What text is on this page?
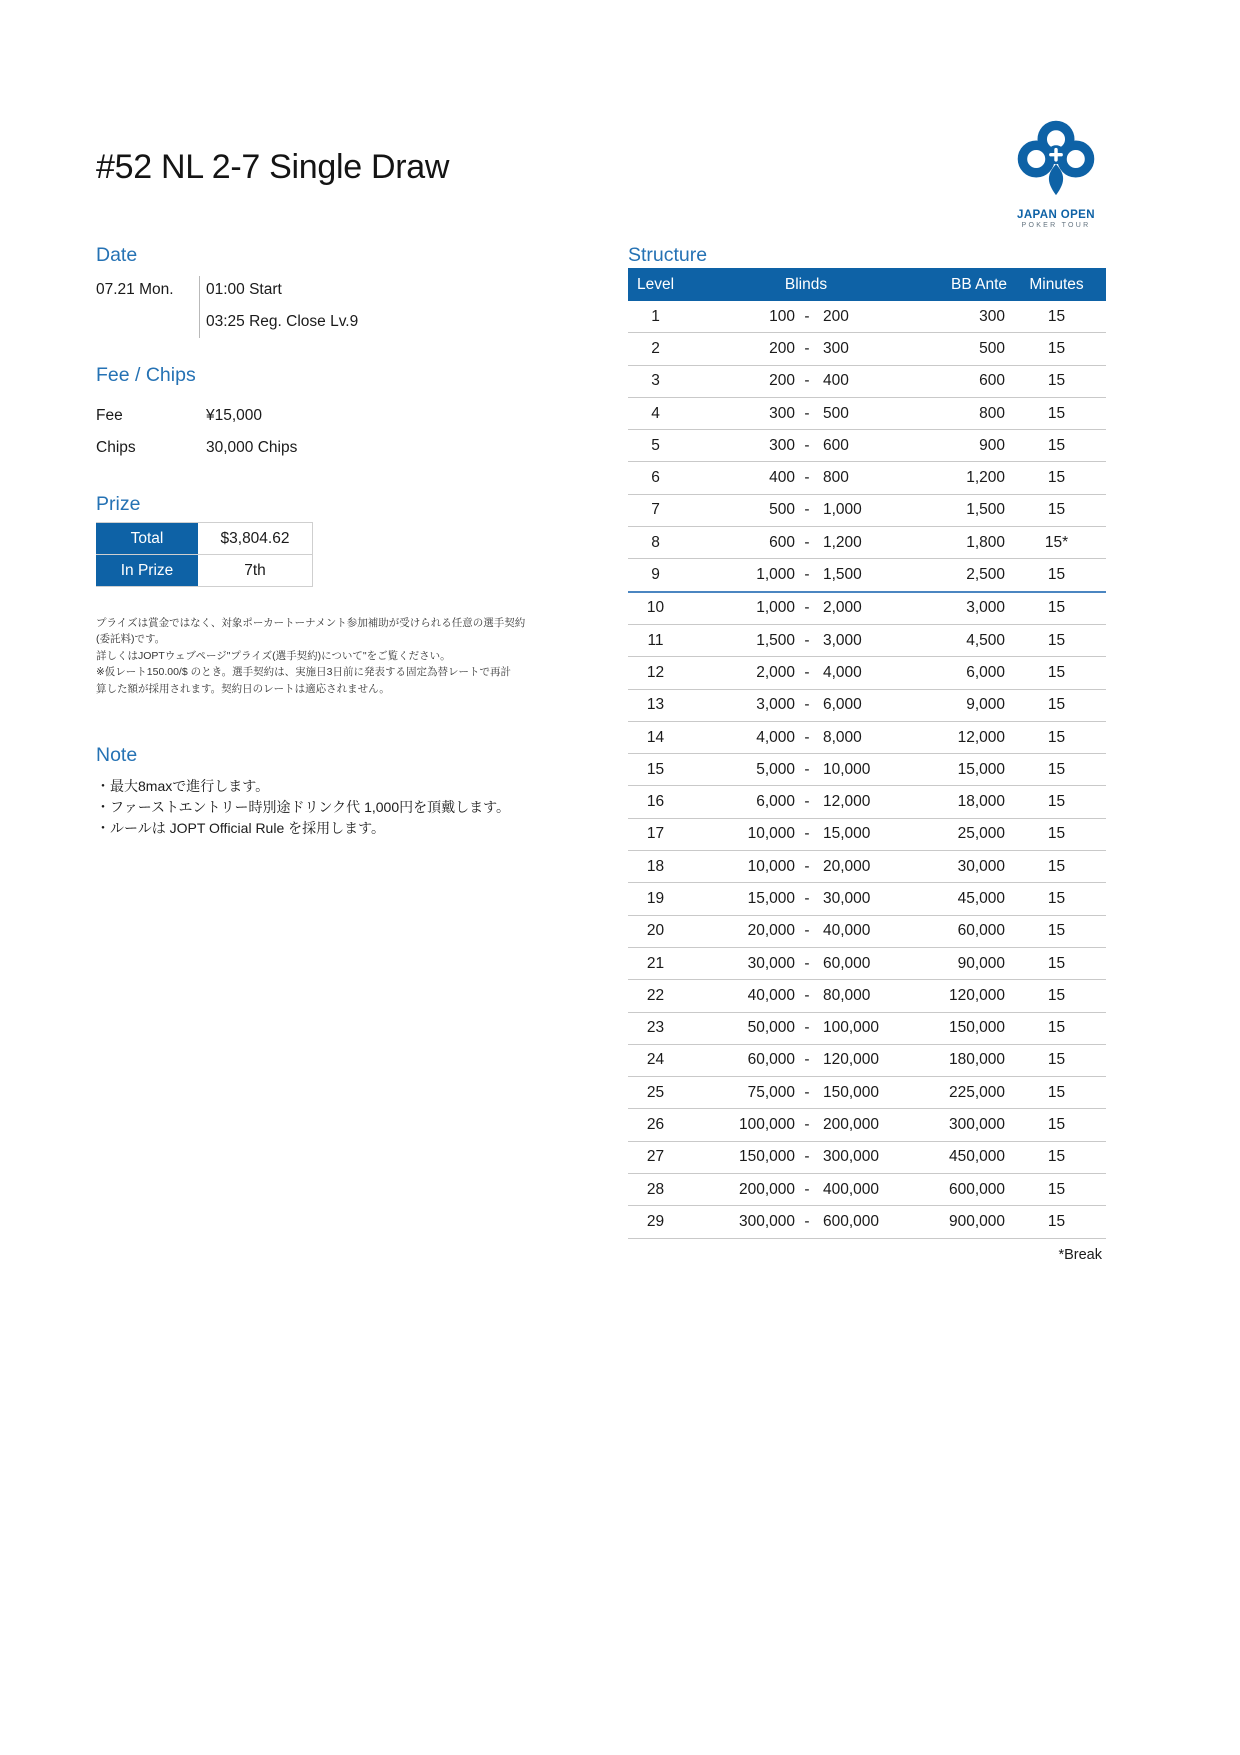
#52 NL 2-7 Single Draw
JAPAN OPEN
POKER TOUR
Date
07.21 Mon. 01:00 Start
03:25 Reg. Close Lv.9
Fee / Chips
Fee	¥15,000
Chips	30,000 Chips
Prize
Total	$3,804.62
In Prize	7th
プライズは賞金ではなく、対象ポーカートーナメント参加補助が受けられる任意の選手契約
(委託料)です。
詳しくはJOPTウェブページ"プライズ(選手契約)について"をご覧ください。
※仮レート150.00/$ のとき。選手契約は、実施日3日前に発表する固定為替レートで再計
算した額が採用されます。契約日のレートは適応されません。
Note
・最大8maxで進行します。
・ファーストエントリー時別途ドリンク代 1,000円を頂戴します。
・ルールは JOPT Official Rule を採用します。
Structure
Level	Blinds	BB Ante	Minutes
1	100 - 200	300	15
2	200 - 300	500	15
3	200 - 400	600	15
4	300 - 500	800	15
5	300 - 600	900	15
6	400 - 800	1,200	15
7	500 - 1,000	1,500	15
8	600 - 1,200	1,800	15*
9	1,000 - 1,500	2,500	15
10	1,000 - 2,000	3,000	15
11	1,500 - 3,000	4,500	15
12	2,000 - 4,000	6,000	15
13	3,000 - 6,000	9,000	15
14	4,000 - 8,000	12,000	15
15	5,000 - 10,000	15,000	15
16	6,000 - 12,000	18,000	15
17	10,000 - 15,000	25,000	15
18	10,000 - 20,000	30,000	15
19	15,000 - 30,000	45,000	15
20	20,000 - 40,000	60,000	15
21	30,000 - 60,000	90,000	15
22	40,000 - 80,000	120,000	15
23	50,000 - 100,000	150,000	15
24	60,000 - 120,000	180,000	15
25	75,000 - 150,000	225,000	15
26	100,000 - 200,000	300,000	15
27	150,000 - 300,000	450,000	15
28	200,000 - 400,000	600,000	15
29	300,000 - 600,000	900,000	15
*Break
